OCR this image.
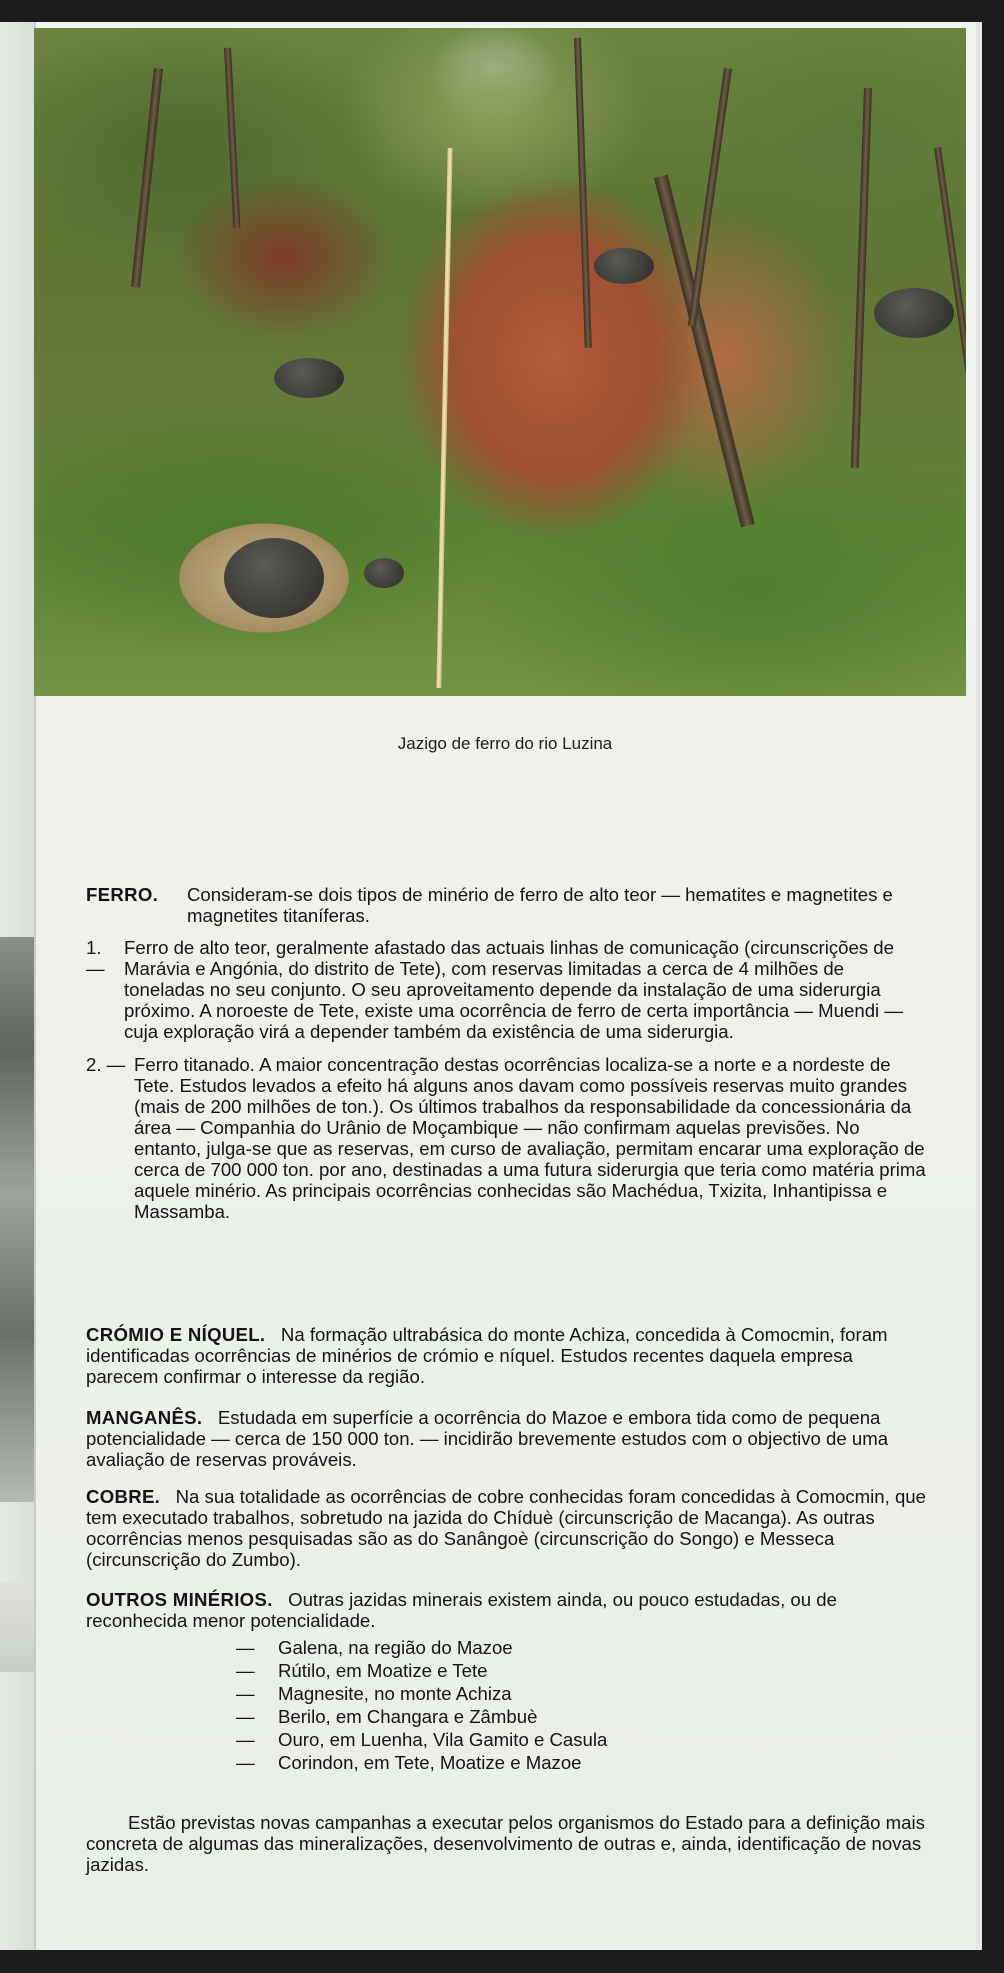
Jazigo de ferro do rio Luzina
FERRO.	Consideram-se dois tipos de minério de ferro de alto teor — hematites e magnetites e magnetites titaníferas.
1. —
Ferro de alto teor, geralmente afastado das actuais linhas de comunicação (circunscrições de Marávia e Angónia, do distrito de Tete), com reservas limitadas a cerca de 4 milhões de toneladas no seu conjunto. O seu aproveitamento depende da instalação de uma siderurgia próximo. A noroeste de Tete, existe uma ocorrência de ferro de certa importância — Muendi — cuja exploração virá a depender também da existência de uma siderurgia.
2. — Ferro titanado. A maior concentração destas ocorrências localiza-se a norte e a nordeste de Tete. Estudos levados a efeito há alguns anos davam como possíveis reservas muito grandes (mais de 200 milhões de ton.). Os últimos trabalhos da responsabilidade da concessionária da área — Companhia do Urânio de Moçambique — não confirmam aquelas previsões. No entanto, julga-se que as reservas, em curso de avaliação, permitam encarar uma exploração de cerca de 700 000 ton. por ano, destinadas a uma futura siderurgia que teria como matéria prima aquele minério. As principais ocorrências conhecidas são Machédua, Txizita, Inhantipissa e Massamba.

CRÓMIO E NÍQUEL. Na formação ultrabásica do monte Achiza, concedida à Comocmin, foram identificadas ocorrências de minérios de crómio e níquel. Estudos recentes daquela empresa parecem confirmar o interesse da região.

MANGANÊS. Estudada em superfície a ocorrência do Mazoe e embora tida como de pequena potencialidade — cerca de 150 000 ton. — incidirão brevemente estudos com o objectivo de uma avaliação de reservas prováveis.

COBRE. Na sua totalidade as ocorrências de cobre conhecidas foram concedidas à Comocmin, que tem executado trabalhos, sobretudo na jazida do Chíduè (circunscrição de Macanga). As outras ocorrências menos pesquisadas são as do Sanângoè (circunscrição do Songo) e Messeca (circunscrição do Zumbo).

OUTROS MINÉRIOS. Outras jazidas minerais existem ainda, ou pouco estudadas, ou de reconhecida menor potencialidade.

—	Galena, na região do Mazoe
—	Rútilo, em Moatize e Tete
—	Magnesite, no monte Achiza
—	Berilo, em Changara e Zâmbuè
—	Ouro, em Luenha, Vila Gamito e Casula
—	Corindon, em Tete, Moatize e Mazoe

Estão previstas novas campanhas a executar pelos organismos do Estado para a definição mais concreta de algumas das mineralizações, desenvolvimento de outras e, ainda, identificação de novas jazidas.
